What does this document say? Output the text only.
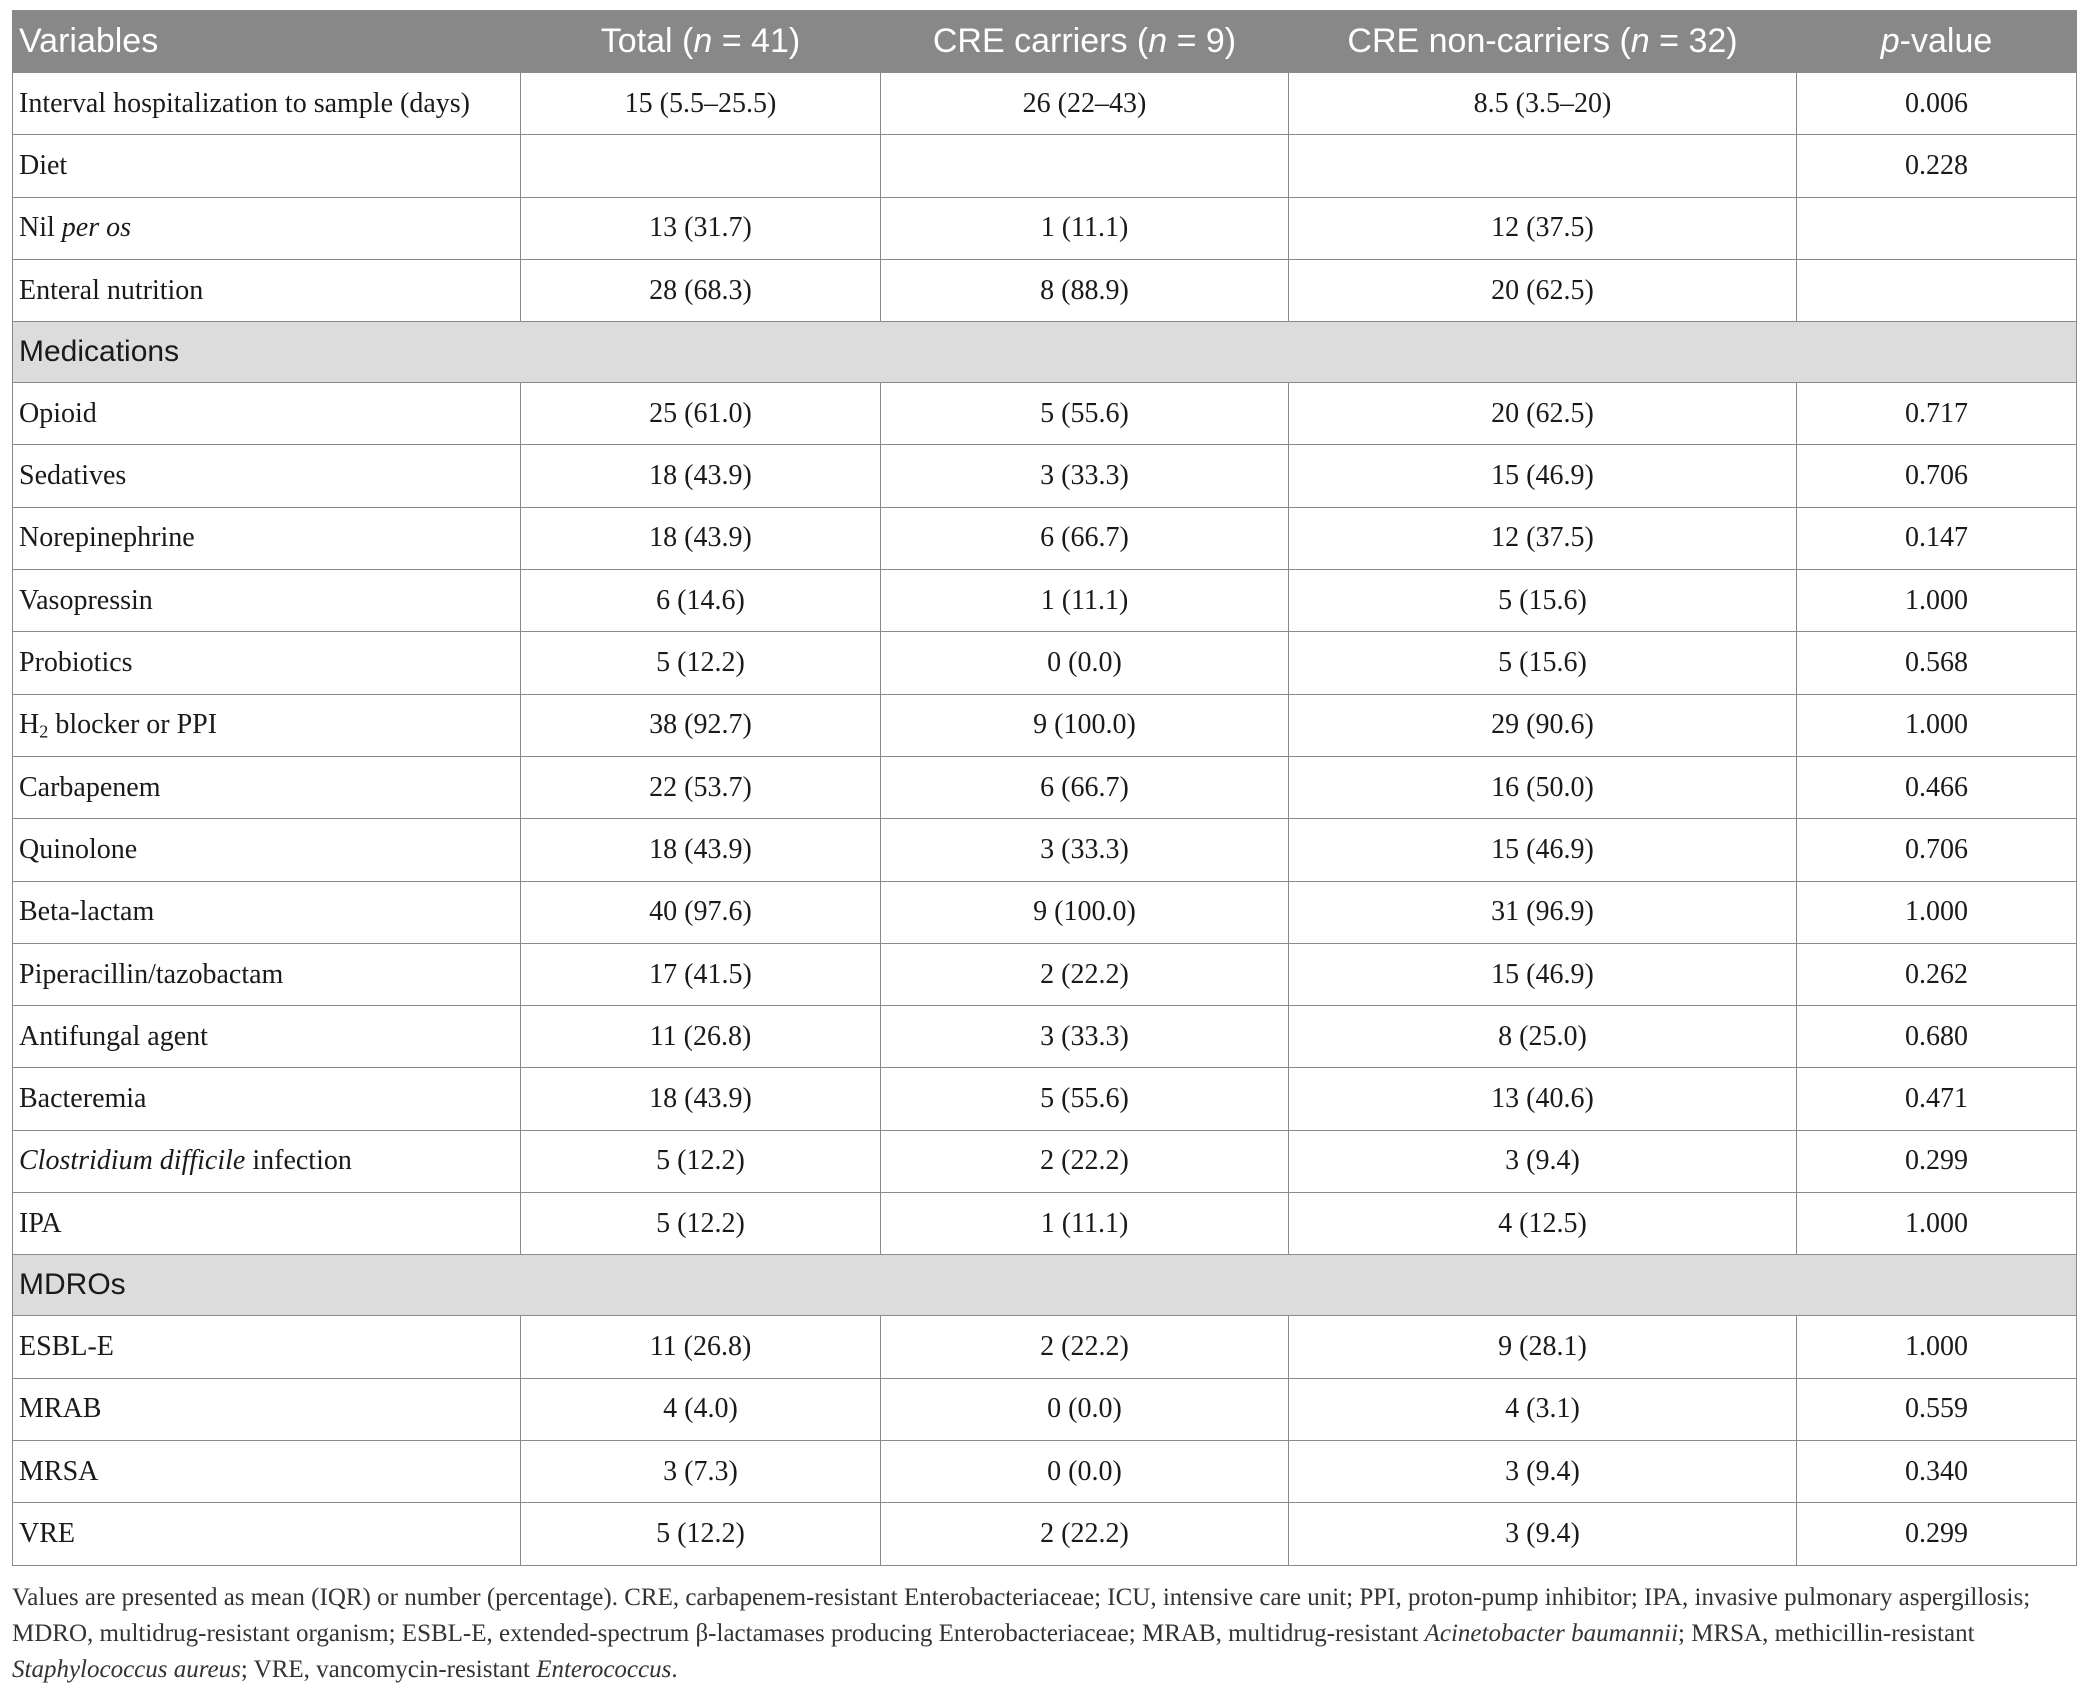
Variables	Total (n = 41)	CRE carriers (n = 9)	CRE non-carriers (n = 32)	p-value
Interval hospitalization to sample (days)	15 (5.5–25.5)	26 (22–43)	8.5 (3.5–20)	0.006
Diet				0.228
Nil per os	13 (31.7)	1 (11.1)	12 (37.5)	
Enteral nutrition	28 (68.3)	8 (88.9)	20 (62.5)	
Medications				
Opioid	25 (61.0)	5 (55.6)	20 (62.5)	0.717
Sedatives	18 (43.9)	3 (33.3)	15 (46.9)	0.706
Norepinephrine	18 (43.9)	6 (66.7)	12 (37.5)	0.147
Vasopressin	6 (14.6)	1 (11.1)	5 (15.6)	1.000
Probiotics	5 (12.2)	0 (0.0)	5 (15.6)	0.568
$H_2$ blocker or PPI	38 (92.7)	9 (100.0)	29 (90.6)	1.000
Carbapenem	22 (53.7)	6 (66.7)	16 (50.0)	0.466
Quinolone	18 (43.9)	3 (33.3)	15 (46.9)	0.706
Beta-lactam	40 (97.6)	9 (100.0)	31 (96.9)	1.000
Piperacillin/tazobactam	17 (41.5)	2 (22.2)	15 (46.9)	0.262
Antifungal agent	11 (26.8)	3 (33.3)	8 (25.0)	0.680
Bacteremia	18 (43.9)	5 (55.6)	13 (40.6)	0.471
Clostridium difficile infection	5 (12.2)	2 (22.2)	3 (9.4)	0.299
IPA	5 (12.2)	1 (11.1)	4 (12.5)	1.000
MDROs				
ESBL-E	11 (26.8)	2 (22.2)	9 (28.1)	1.000
MRAB	4 (4.0)	0 (0.0)	4 (3.1)	0.559
MRSA	3 (7.3)	0 (0.0)	3 (9.4)	0.340
VRE	5 (12.2)	2 (22.2)	3 (9.4)	0.299
Values are presented as mean (IQR) or number (percentage). CRE, carbapenem-resistant Enterobacteriaceae; ICU, intensive care unit; PPI, proton-pump inhibitor; IPA, invasive pulmonary aspergillosis; MDRO, multidrug-resistant organism; ESBL-E, extended-spectrum β-lactamases producing Enterobacteriaceae; MRAB, multidrug-resistant Acinetobacter baumannii; MRSA, methicillin-resistant Staphylococcus aureus; VRE, vancomycin-resistant Enterococcus.
